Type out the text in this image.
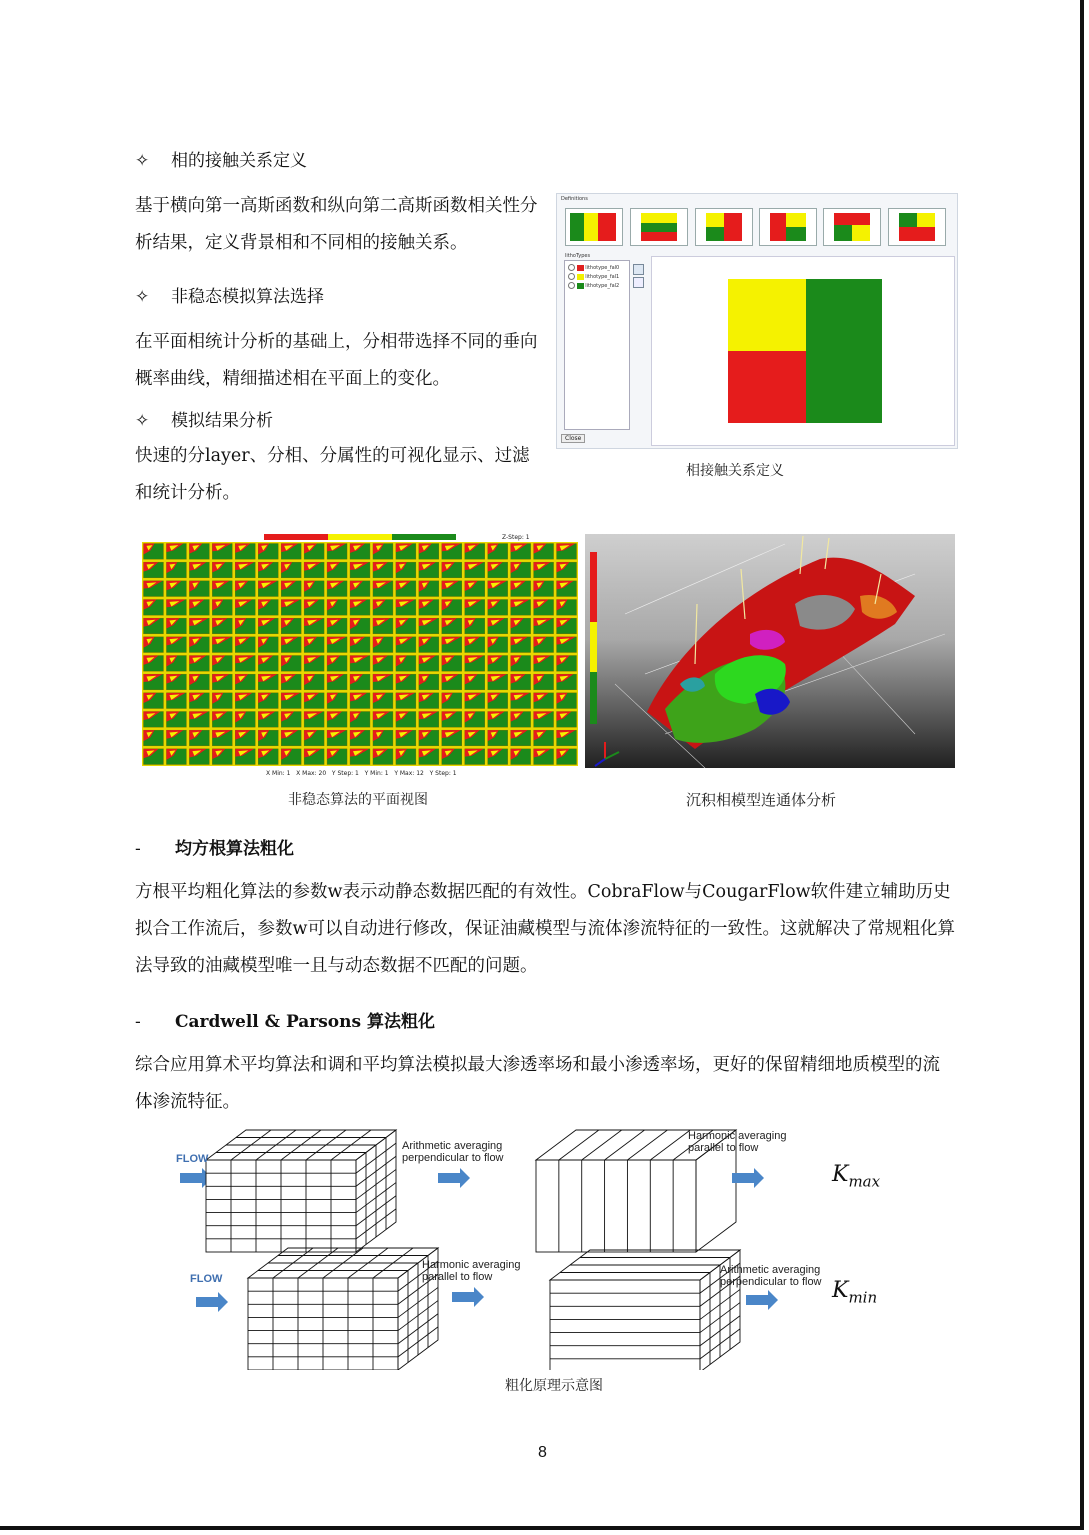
✧ 相的接触关系定义
基于横向第一高斯函数和纵向第二高斯函数相关性分析结果，定义背景相和不同相的接触关系。
✧ 非稳态模拟算法选择
在平面相统计分析的基础上，分相带选择不同的垂向概率曲线，精细描述相在平面上的变化。
✧ 模拟结果分析
快速的分layer、分相、分属性的可视化显示、过滤和统计分析。
Definitions
lithoTypes
lithotype_fal0
lithotype_fal1
lithotype_fal2
Close
相接触关系定义
Z-Step: 1
X Min: 1 X Max: 20 Y Step: 1 Y Min: 1 Y Max: 12 Y Step: 1
非稳态算法的平面视图	沉积相模型连通体分析
- 均方根算法粗化
方根平均粗化算法的参数w表示动静态数据匹配的有效性。CobraFlow与CougarFlow软件建立辅助历史拟合工作流后，参数w可以自动进行修改，保证油藏模型与流体渗流特征的一致性。这就解决了常规粗化算法导致的油藏模型唯一且与动态数据不匹配的问题。
- Cardwell & Parsons 算法粗化
综合应用算术平均算法和调和平均算法模拟最大渗透率场和最小渗透率场，更好的保留精细地质模型的流体渗流特征。
FLOW
FLOW
Arithmetic averaging perpendicular to flow
Harmonic averaging parallel to flow
Harmonic averaging parallel to flow
Arithmetic averaging perpendicular to flow
$K_{max}$
$K_{min}$
粗化原理示意图
8
